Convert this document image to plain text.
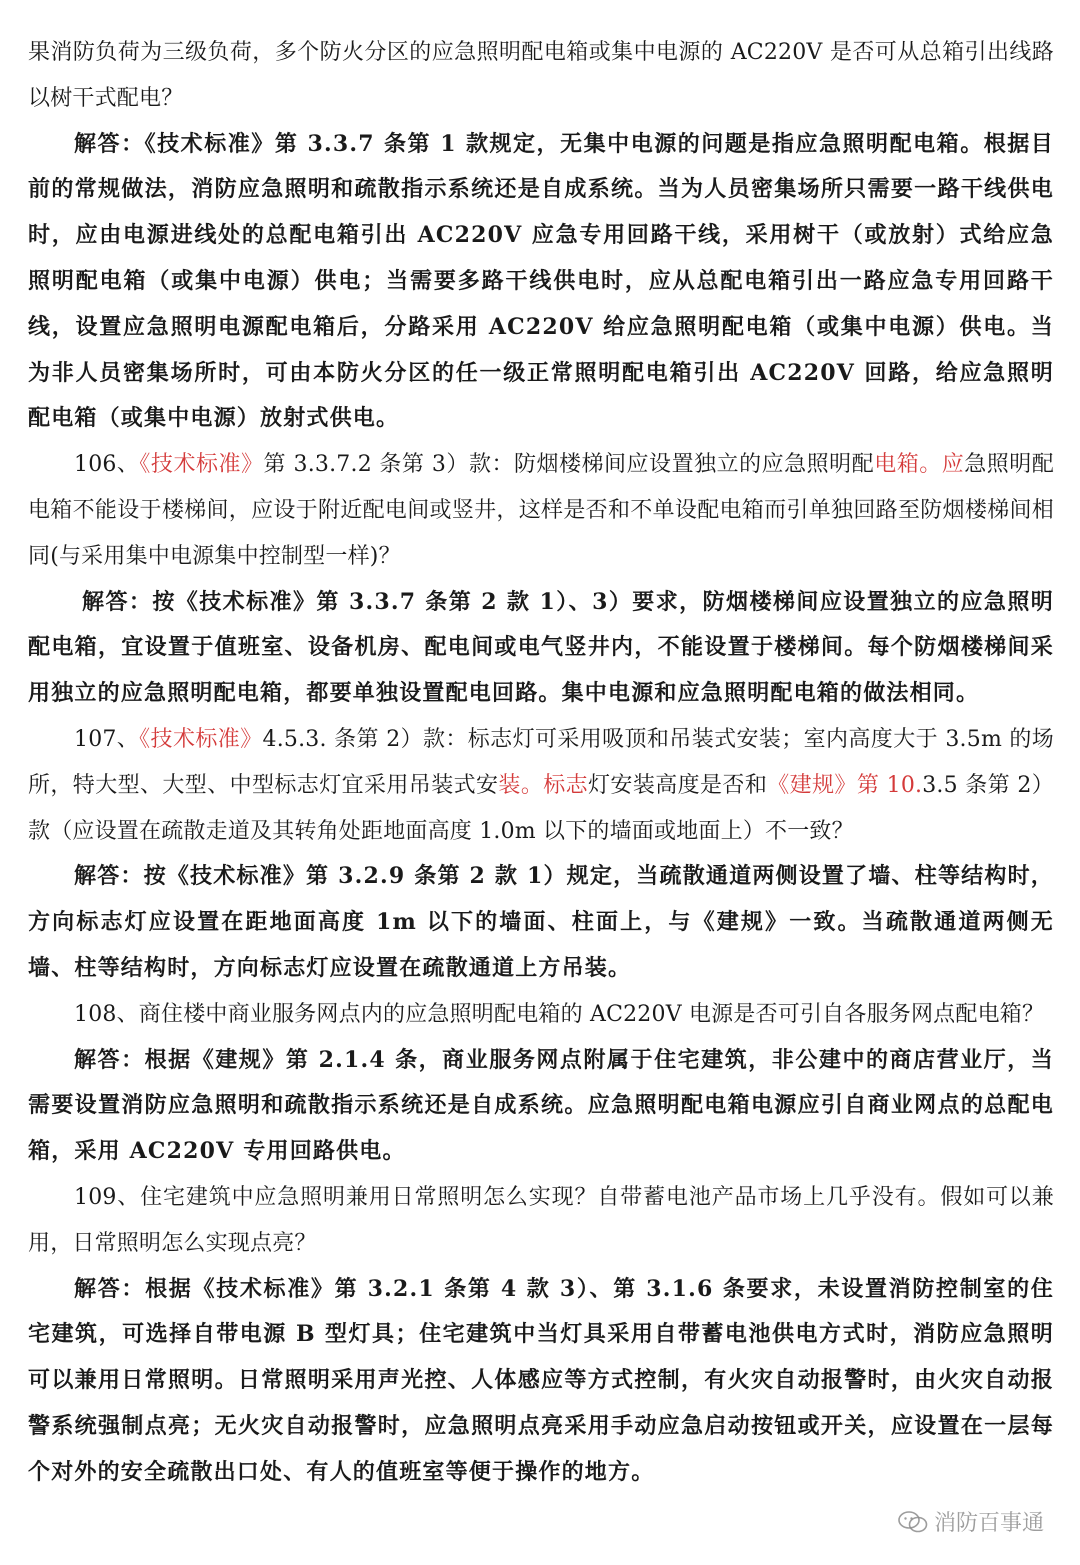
果消防负荷为三级负荷，多个防火分区的应急照明配电箱或集中电源的 AC220V 是否可从总箱引出线路以树干式配电？

解答：《技术标准》第 3.3.7 条第 1 款规定，无集中电源的问题是指应急照明配电箱。根据目前的常规做法，消防应急照明和疏散指示系统还是自成系统。当为人员密集场所只需要一路干线供电时，应由电源进线处的总配电箱引出 AC220V 应急专用回路干线，采用树干（或放射）式给应急照明配电箱（或集中电源）供电；当需要多路干线供电时，应从总配电箱引出一路应急专用回路干线，设置应急照明电源配电箱后，分路采用 AC220V 给应急照明配电箱（或集中电源）供电。当为非人员密集场所时，可由本防火分区的任一级正常照明配电箱引出 AC220V 回路，给应急照明配电箱（或集中电源）放射式供电。

106、《技术标准》第 3.3.7.2 条第 3）款：防烟楼梯间应设置独立的应急照明配电箱。应急照明配电箱不能设于楼梯间，应设于附近配电间或竖井，这样是否和不单设配电箱而引单独回路至防烟楼梯间相同(与采用集中电源集中控制型一样)？

解答：按《技术标准》第 3.3.7 条第 2 款 1）、3）要求，防烟楼梯间应设置独立的应急照明配电箱，宜设置于值班室、设备机房、配电间或电气竖井内，不能设置于楼梯间。每个防烟楼梯间采用独立的应急照明配电箱，都要单独设置配电回路。集中电源和应急照明配电箱的做法相同。

107、《技术标准》4.5.3. 条第 2）款：标志灯可采用吸顶和吊装式安装；室内高度大于 3.5m 的场所，特大型、大型、中型标志灯宜采用吊装式安装。标志灯安装高度是否和《建规》第 10.3.5 条第 2）款（应设置在疏散走道及其转角处距地面高度 1.0m 以下的墙面或地面上）不一致？

解答：按《技术标准》第 3.2.9 条第 2 款 1）规定，当疏散通道两侧设置了墙、柱等结构时，方向标志灯应设置在距地面高度 1m 以下的墙面、柱面上，与《建规》一致。当疏散通道两侧无墙、柱等结构时，方向标志灯应设置在疏散通道上方吊装。

108、商住楼中商业服务网点内的应急照明配电箱的 AC220V 电源是否可引自各服务网点配电箱？

解答：根据《建规》第 2.1.4 条，商业服务网点附属于住宅建筑，非公建中的商店营业厅，当需要设置消防应急照明和疏散指示系统还是自成系统。应急照明配电箱电源应引自商业网点的总配电箱，采用 AC220V 专用回路供电。

109、住宅建筑中应急照明兼用日常照明怎么实现？自带蓄电池产品市场上几乎没有。假如可以兼用，日常照明怎么实现点亮？

解答：根据《技术标准》第 3.2.1 条第 4 款 3）、第 3.1.6 条要求，未设置消防控制室的住宅建筑，可选择自带电源 B 型灯具；住宅建筑中当灯具采用自带蓄电池供电方式时，消防应急照明可以兼用日常照明。日常照明采用声光控、人体感应等方式控制，有火灾自动报警时，由火灾自动报警系统强制点亮；无火灾自动报警时，应急照明点亮采用手动应急启动按钮或开关，应设置在一层每个对外的安全疏散出口处、有人的值班室等便于操作的地方。

消防百事通
